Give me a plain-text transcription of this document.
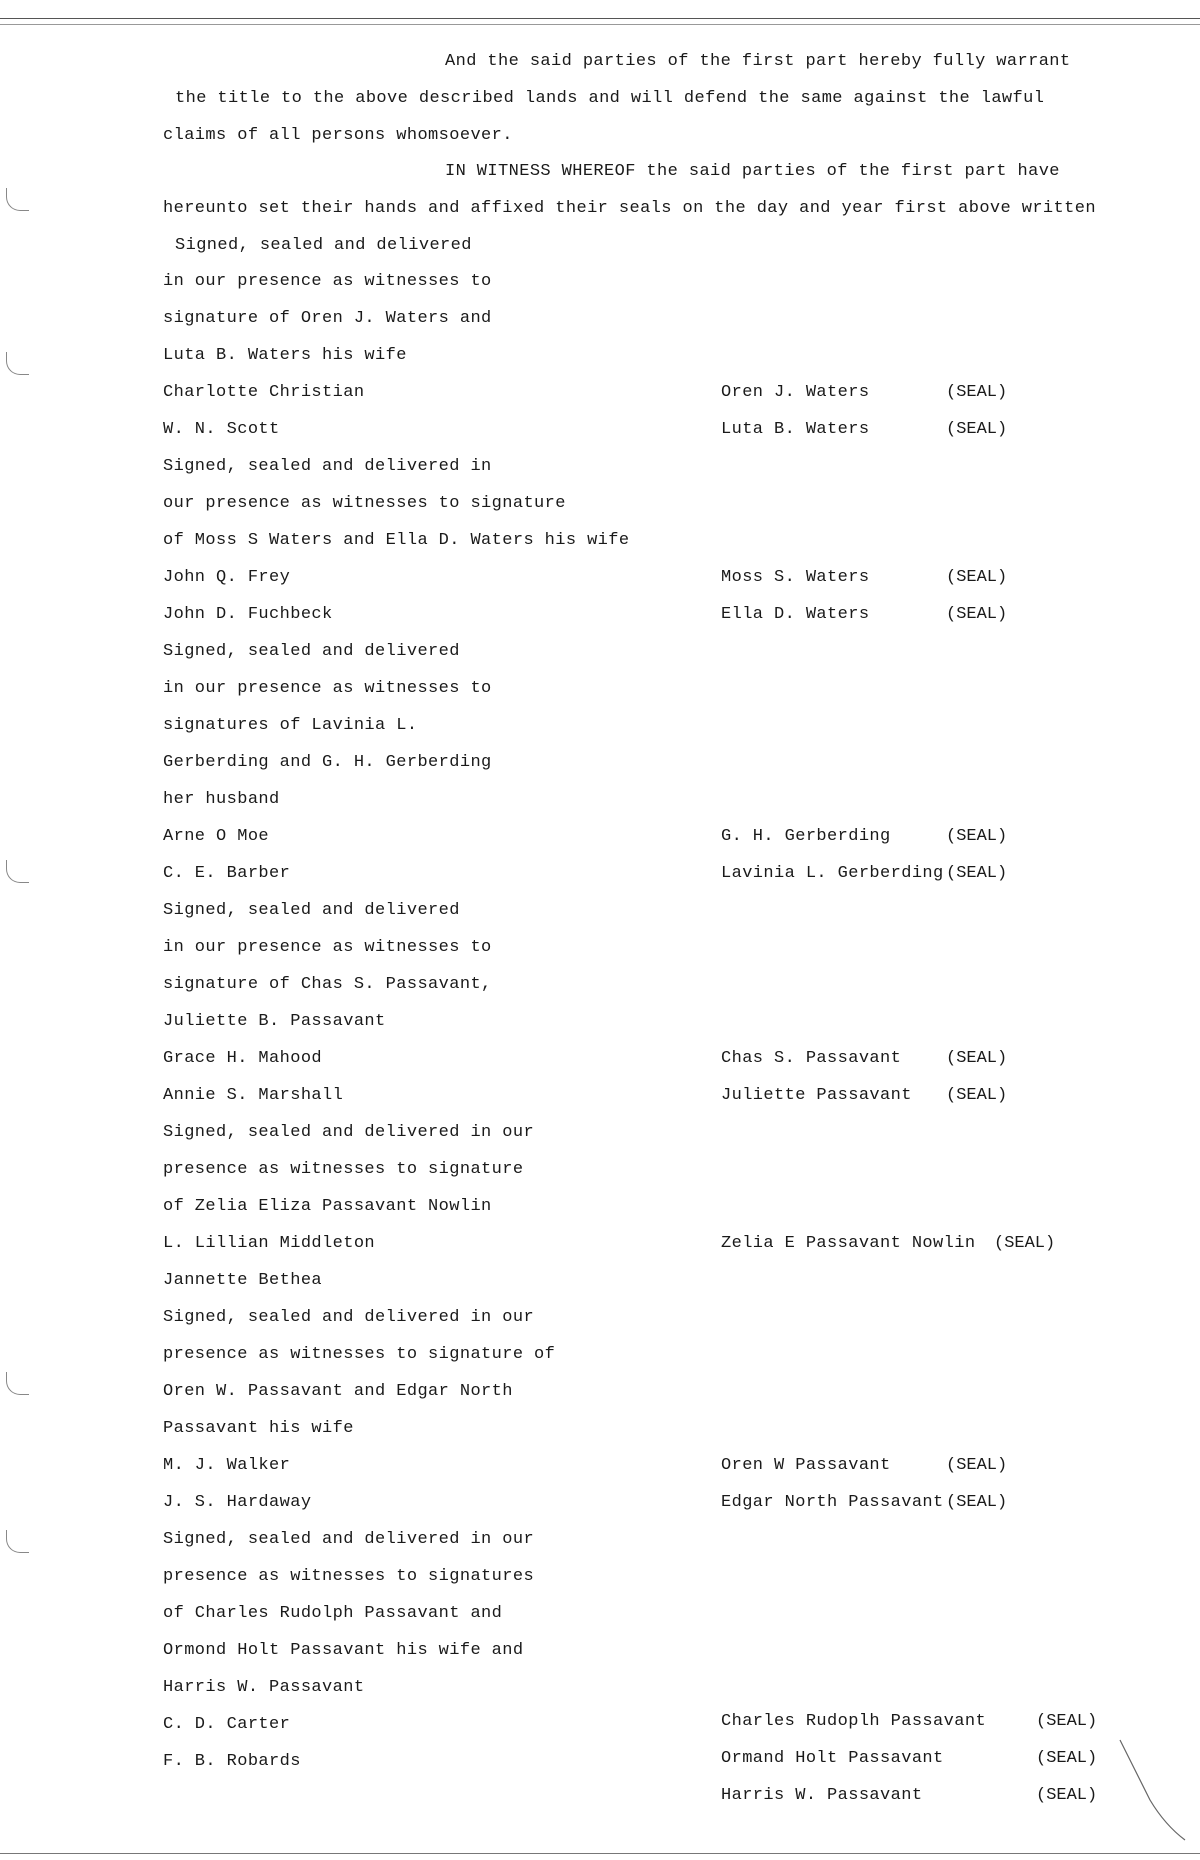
And the said parties of the first part hereby fully warrant
the title to the above described lands and will defend the same against the lawful
claims of all persons whomsoever.
IN WITNESS WHEREOF the said parties of the first part have
hereunto set their hands and affixed their seals on the day and year first above written
Signed, sealed and delivered
in our presence as witnesses to
signature of Oren J. Waters and
Luta B. Waters his wife
Charlotte Christian	Oren J. Waters	(SEAL)
W. N. Scott	Luta B. Waters	(SEAL)
Signed, sealed and delivered in
our presence as witnesses to signature
of Moss S Waters and Ella D. Waters his wife
John Q. Frey	Moss S. Waters	(SEAL)
John D. Fuchbeck	Ella D. Waters	(SEAL)
Signed, sealed and delivered
in our presence as witnesses to
signatures of Lavinia L.
Gerberding and G. H. Gerberding
her husband
Arne O Moe	G. H. Gerberding	(SEAL)
C. E. Barber	Lavinia L. Gerberding (SEAL)
Signed, sealed and delivered
in our presence as witnesses to
signature of Chas S. Passavant,
Juliette B. Passavant
Grace H. Mahood	Chas S. Passavant	(SEAL)
Annie S. Marshall	Juliette Passavant (SEAL)
Signed, sealed and delivered in our
presence as witnesses to signature
of Zelia Eliza Passavant Nowlin
L. Lillian Middleton	Zelia E Passavant Nowlin (SEAL)
Jannette Bethea
Signed, sealed and delivered in our
presence as witnesses to signature of
Oren W. Passavant and Edgar North
Passavant his wife
M. J. Walker	Oren W Passavant	(SEAL)
J. S. Hardaway	Edgar North Passavant (SEAL)
Signed, sealed and delivered in our
presence as witnesses to signatures
of Charles Rudolph Passavant and
Ormond Holt Passavant his wife and
Harris W. Passavant
C. D. Carter	Charles Rudoplh Passavant	(SEAL)
F. B. Robards	Ormand Holt Passavant	(SEAL)
Harris W. Passavant	(SEAL)
